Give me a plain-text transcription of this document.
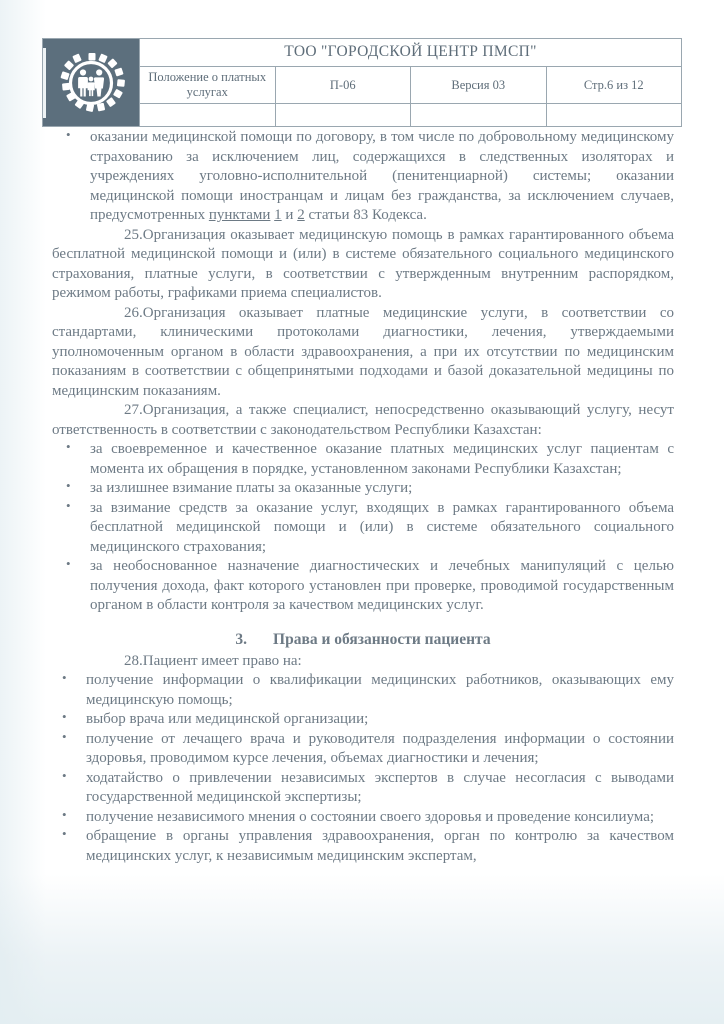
	ТОО "ГОРОДСКОЙ ЦЕНТР ПМСП"			
	Положение о платных услугах	П-06	Версия 03	Стр.6 из 12

• оказании медицинской помощи по договору, в том числе по добровольному медицинскому страхованию за исключением лиц, содержащихся в следственных изоляторах и учреждениях уголовно-исполнительной (пенитенциарной) системы; оказании медицинской помощи иностранцам и лицам без гражданства, за исключением случаев, предусмотренных пунктами 1 и 2 статьи 83 Кодекса.

25.Организация оказывает медицинскую помощь в рамках гарантированного объема бесплатной медицинской помощи и (или) в системе обязательного социального медицинского страхования, платные услуги, в соответствии с утвержденным внутренним распорядком, режимом работы, графиками приема специалистов.

26.Организация оказывает платные медицинские услуги, в соответствии со стандартами, клиническими протоколами диагностики, лечения, утверждаемыми уполномоченным органом в области здравоохранения, а при их отсутствии по медицинским показаниям в соответствии с общепринятыми подходами и базой доказательной медицины по медицинским показаниям.

27.Организация, а также специалист, непосредственно оказывающий услугу, несут ответственность в соответствии с законодательством Республики Казахстан:

• за своевременное и качественное оказание платных медицинских услуг пациентам с момента их обращения в порядке, установленном законами Республики Казахстан;
• за излишнее взимание платы за оказанные услуги;
• за взимание средств за оказание услуг, входящих в рамках гарантированного объема бесплатной медицинской помощи и (или) в системе обязательного социального медицинского страхования;
• за необоснованное назначение диагностических и лечебных манипуляций с целью получения дохода, факт которого установлен при проверке, проводимой государственным органом в области контроля за качеством медицинских услуг.
3. Права и обязанности пациента

28.Пациент имеет право на:

• получение информации о квалификации медицинских работников, оказывающих ему медицинскую помощь;
• выбор врача или медицинской организации;
• получение от лечащего врача и руководителя подразделения информации о состоянии здоровья, проводимом курсе лечения, объемах диагностики и лечения;
• ходатайство о привлечении независимых экспертов в случае несогласия с выводами государственной медицинской экспертизы;
• получение независимого мнения о состоянии своего здоровья и проведение консилиума;
• обращение в органы управления здравоохранения, орган по контролю за качеством медицинских услуг, к независимым медицинским экспертам,
